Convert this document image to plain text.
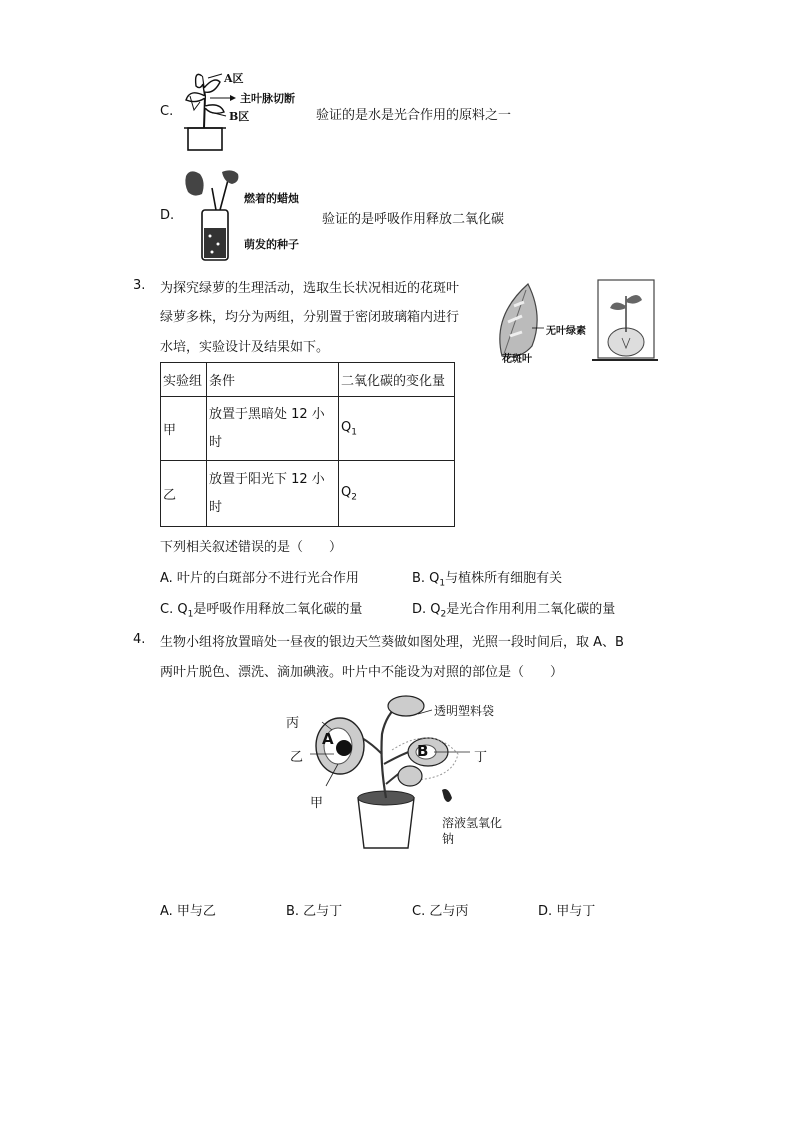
C.
A区
主叶脉切断
B区	验证的是水是光合作用的原料之一
D.
燃着的蜡烛
萌发的种子
验证的是呼吸作用释放二氧化碳
3. 为探究绿萝的生理活动，选取生长状况相近的花斑叶
绿萝多株，均分为两组，分别置于密闭玻璃箱内进行
水培，实验设计及结果如下。
无叶绿素
花斑叶
实验组	条件	二氧化碳的变化量
甲	放置于黑暗处 12 小
时	$Q_1$
乙	放置于阳光下 12 小
时	$Q_2$
下列相关叙述错误的是（　　）
A. 叶片的白斑部分不进行光合作用	B. $Q_1$与植株所有细胞有关
C. $Q_1$是呼吸作用释放二氧化碳的量	D. $Q_2$是光合作用利用二氧化碳的量
4. 生物小组将放置暗处一昼夜的银边天竺葵做如图处理，光照一段时间后，取 A、B
两叶片脱色、漂洗、滴加碘液。叶片中不能设为对照的部位是（　　）
丙
乙
甲
丁
A
B
透明塑料袋
溶液氢氧化
钠
A. 甲与乙	B. 乙与丁	C. 乙与丙	D. 甲与丁
